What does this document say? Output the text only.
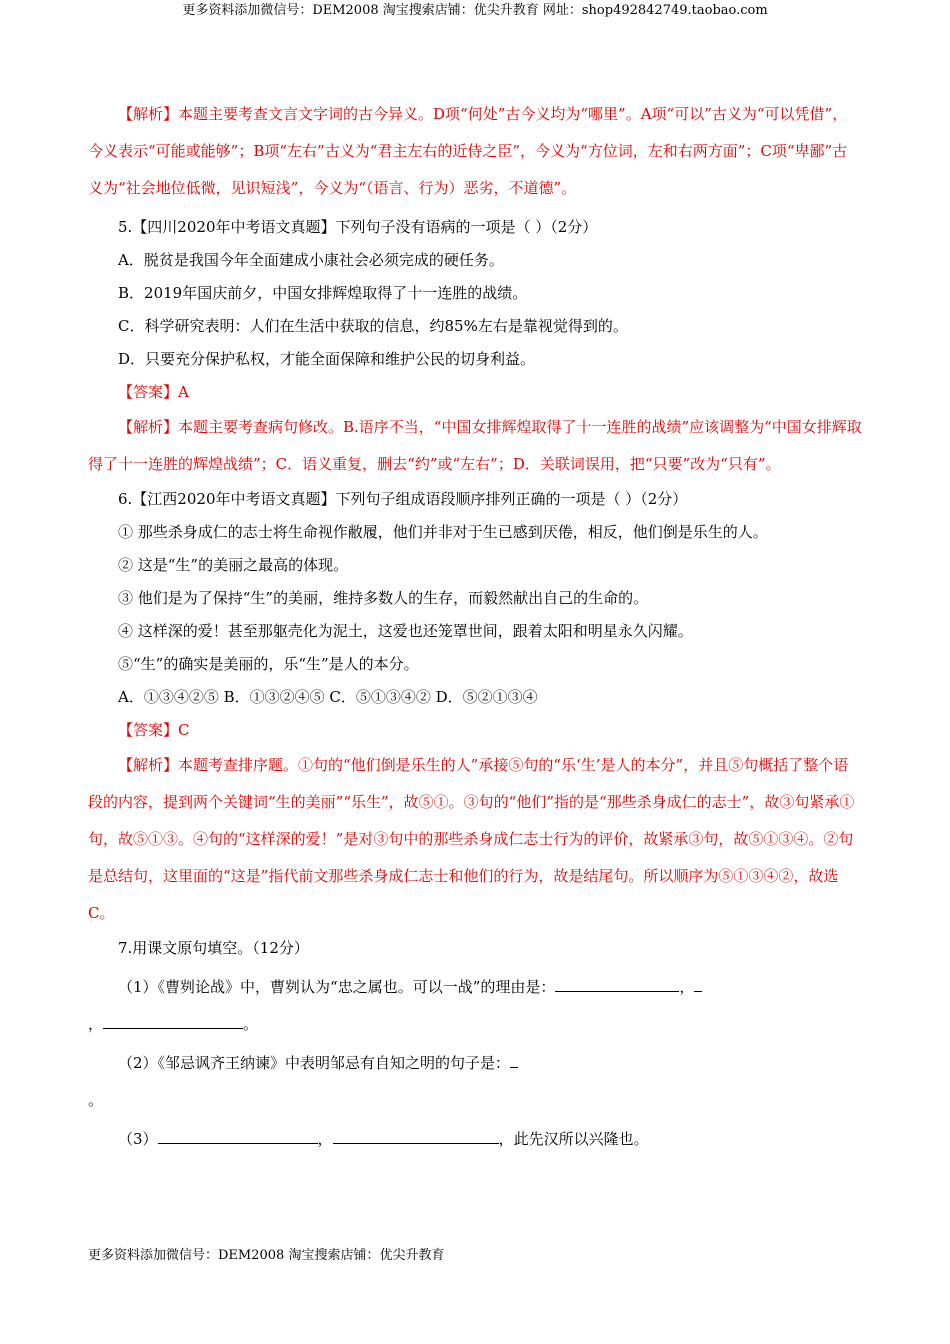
更多资料添加微信号：DEM2008 淘宝搜索店铺：优尖升教育 网址：shop492842749.taobao.com

【解析】本题主要考查文言文字词的古今异义。D项“何处”古今义均为“哪里”。A项“可以”古义为“可以凭借”，今义表示“可能或能够”；B项“左右”古义为“君主左右的近侍之臣”，今义为“方位词，左和右两方面”；C项“卑鄙”古义为“社会地位低微，见识短浅”，今义为“（语言、行为）恶劣，不道德”。

5.【四川2020年中考语文真题】下列句子没有语病的一项是（ ）（2分）

A．脱贫是我国今年全面建成小康社会必须完成的硬任务。

B．2019年国庆前夕，中国女排辉煌取得了十一连胜的战绩。

C．科学研究表明：人们在生活中获取的信息，约85%左右是靠视觉得到的。

D．只要充分保护私权，才能全面保障和维护公民的切身利益。

【答案】A

【解析】本题主要考查病句修改。B.语序不当，“中国女排辉煌取得了十一连胜的战绩”应该调整为“中国女排辉取得了十一连胜的辉煌战绩”；C．语义重复，删去“约”或“左右”；D．关联词误用，把“只要”改为“只有”。

6.【江西2020年中考语文真题】下列句子组成语段顺序排列正确的一项是（ ）（2分）

① 那些杀身成仁的志士将生命视作敝履，他们并非对于生已感到厌倦，相反，他们倒是乐生的人。

② 这是“生”的美丽之最高的体现。

③ 他们是为了保持“生”的美丽，维持多数人的生存，而毅然献出自己的生命的。

④ 这样深的爱！甚至那躯壳化为泥土，这爱也还笼罩世间，跟着太阳和明星永久闪耀。

⑤“生”的确实是美丽的，乐“生”是人的本分。

A．①③④②⑤ B．①③②④⑤ C．⑤①③④② D．⑤②①③④

【答案】C

【解析】本题考查排序题。①句的“他们倒是乐生的人”承接⑤句的“乐‘生’是人的本分”，并且⑤句概括了整个语段的内容，提到两个关键词“生的美丽”“乐生”，故⑤①。③句的“他们”指的是“那些杀身成仁的志士”，故③句紧承①句，故⑤①③。④句的“这样深的爱！”是对③句中的那些杀身成仁志士行为的评价，故紧承③句，故⑤①③④。②句是总结句，这里面的“这是”指代前文那些杀身成仁志士和他们的行为，故是结尾句。所以顺序为⑤①③④②，故选C。

7.用课文原句填空。（12分）

（1）《曹刿论战》中，曹刿认为“忠之属也。可以一战”的理由是：	，

，	。

（2）《邹忌讽齐王纳谏》中表明邹忌有自知之明的句子是：

。

（3）	，	，此先汉所以兴隆也。

更多资料添加微信号：DEM2008 淘宝搜索店铺：优尖升教育
